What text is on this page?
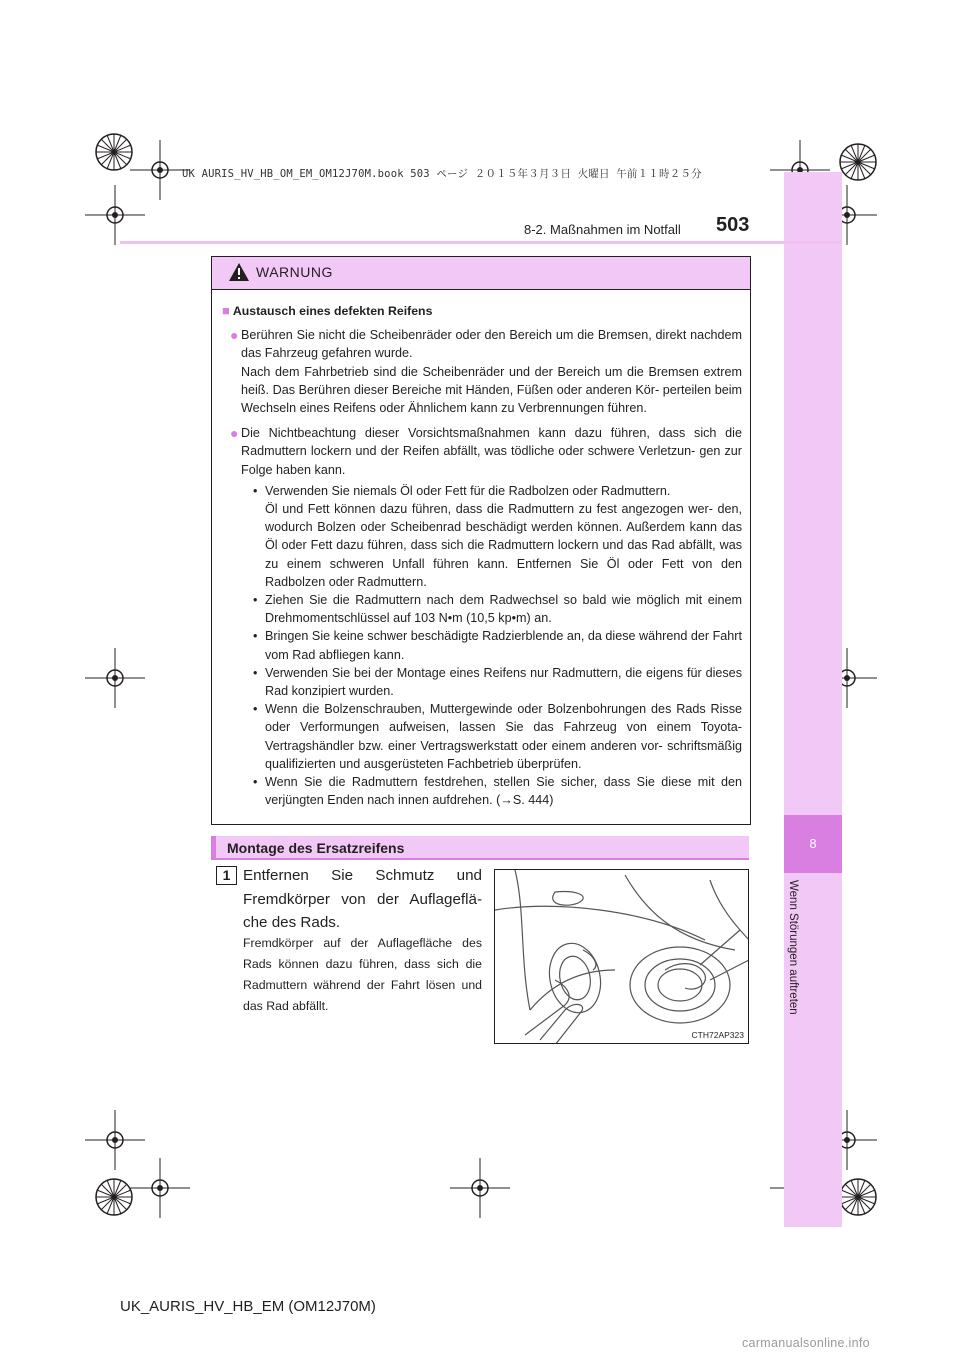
UK AURIS_HV_HB_OM_EM_OM12J70M.book 503 ページ ２０１５年３月３日 火曜日 午前１１時２５分
8
Wenn Störungen auftreten
8-2. Maßnahmen im Notfall 503
WARNUNG
■ Austausch eines defekten Reifens
● Berühren Sie nicht die Scheibenräder oder den Bereich um die Bremsen, direkt nachdem das Fahrzeug gefahren wurde.

Nach dem Fahrbetrieb sind die Scheibenräder und der Bereich um die Bremsen extrem heiß. Das Berühren dieser Bereiche mit Händen, Füßen oder anderen Kör- perteilen beim Wechseln eines Reifens oder Ähnlichem kann zu Verbrennungen führen.

● Die Nichtbeachtung dieser Vorsichtsmaßnahmen kann dazu führen, dass sich die Radmuttern lockern und der Reifen abfällt, was tödliche oder schwere Verletzun- gen zur Folge haben kann.

• Verwenden Sie niemals Öl oder Fett für die Radbolzen oder Radmuttern.
Öl und Fett können dazu führen, dass die Radmuttern zu fest angezogen wer- den, wodurch Bolzen oder Scheibenrad beschädigt werden können. Außerdem kann das Öl oder Fett dazu führen, dass sich die Radmuttern lockern und das Rad abfällt, was zu einem schweren Unfall führen kann. Entfernen Sie Öl oder Fett von den Radbolzen oder Radmuttern.
• Ziehen Sie die Radmuttern nach dem Radwechsel so bald wie möglich mit einem Drehmomentschlüssel auf 103 N•m (10,5 kp•m) an.
• Bringen Sie keine schwer beschädigte Radzierblende an, da diese während der Fahrt vom Rad abfliegen kann.
• Verwenden Sie bei der Montage eines Reifens nur Radmuttern, die eigens für dieses Rad konzipiert wurden.
• Wenn die Bolzenschrauben, Muttergewinde oder Bolzenbohrungen des Rads Risse oder Verformungen aufweisen, lassen Sie das Fahrzeug von einem Toyota-Vertragshändler bzw. einer Vertragswerkstatt oder einem anderen vor- schriftsmäßig qualifizierten und ausgerüsteten Fachbetrieb überprüfen.
• Wenn Sie die Radmuttern festdrehen, stellen Sie sicher, dass Sie diese mit den verjüngten Enden nach innen aufdrehen. (→S. 444)
Montage des Ersatzreifens
1 Entfernen Sie Schmutz und Fremdkörper von der Auflageflä- che des Rads.
Fremdkörper auf der Auflagefläche des Rads können dazu führen, dass sich die Radmuttern während der Fahrt lösen und das Rad abfällt.
CTH72AP323
UK_AURIS_HV_HB_EM (OM12J70M)
carmanualsonline.info
